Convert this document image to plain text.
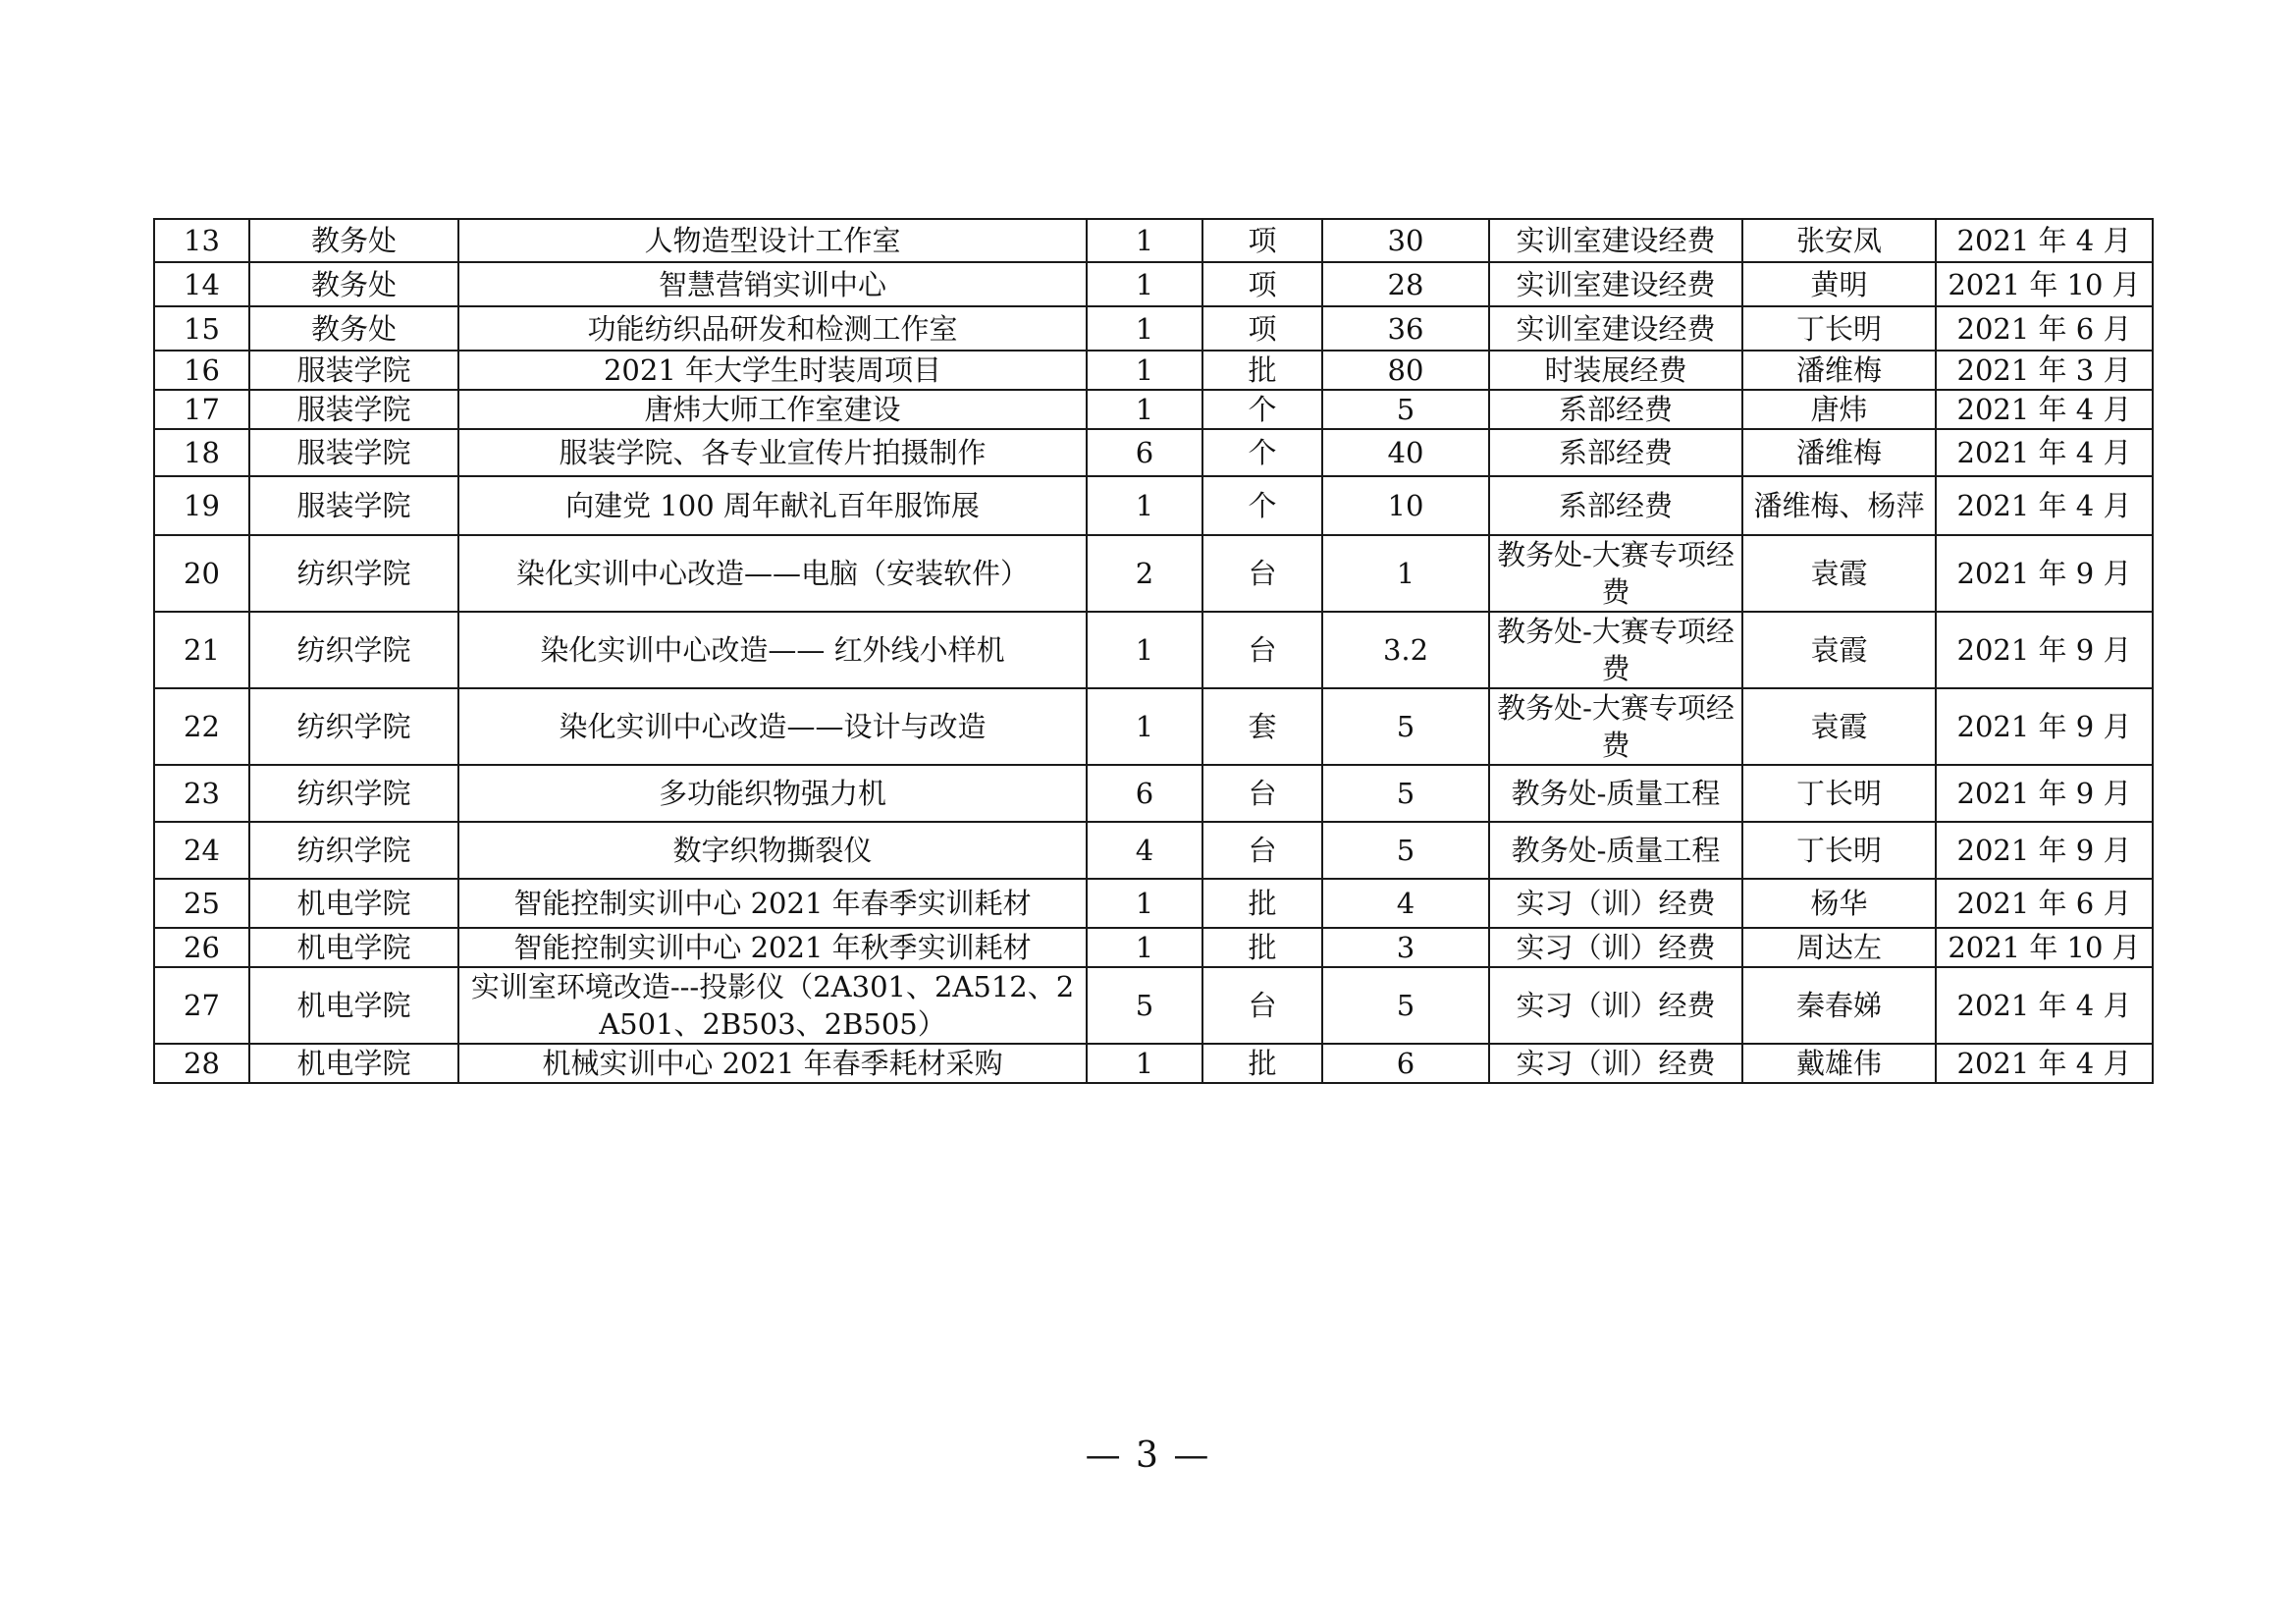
13	教务处	人物造型设计工作室	1	项	30	实训室建设经费	张安凤	2021 年 4 月
14	教务处	智慧营销实训中心	1	项	28	实训室建设经费	黄明	2021 年 10 月
15	教务处	功能纺织品研发和检测工作室	1	项	36	实训室建设经费	丁长明	2021 年 6 月
16	服装学院	2021 年大学生时装周项目	1	批	80	时装展经费	潘维梅	2021 年 3 月
17	服装学院	唐炜大师工作室建设	1	个	5	系部经费	唐炜	2021 年 4 月
18	服装学院	服装学院、各专业宣传片拍摄制作	6	个	40	系部经费	潘维梅	2021 年 4 月
19	服装学院	向建党 100 周年献礼百年服饰展	1	个	10	系部经费	潘维梅、杨萍	2021 年 4 月
20	纺织学院	染化实训中心改造——电脑（安装软件）	2	台	1	教务处-大赛专项经费	袁霞	2021 年 9 月
21	纺织学院	染化实训中心改造—— 红外线小样机	1	台	3.2	教务处-大赛专项经费	袁霞	2021 年 9 月
22	纺织学院	染化实训中心改造——设计与改造	1	套	5	教务处-大赛专项经费	袁霞	2021 年 9 月
23	纺织学院	多功能织物强力机	6	台	5	教务处-质量工程	丁长明	2021 年 9 月
24	纺织学院	数字织物撕裂仪	4	台	5	教务处-质量工程	丁长明	2021 年 9 月
25	机电学院	智能控制实训中心 2021 年春季实训耗材	1	批	4	实习（训）经费	杨华	2021 年 6 月
26	机电学院	智能控制实训中心 2021 年秋季实训耗材	1	批	3	实习（训）经费	周达左	2021 年 10 月
27	机电学院	实训室环境改造---投影仪（2A301、2A512、2A501、2B503、2B505）	5	台	5	实习（训）经费	秦春娣	2021 年 4 月
28	机电学院	机械实训中心 2021 年春季耗材采购	1	批	6	实习（训）经费	戴雄伟	2021 年 4 月
— 3 —
